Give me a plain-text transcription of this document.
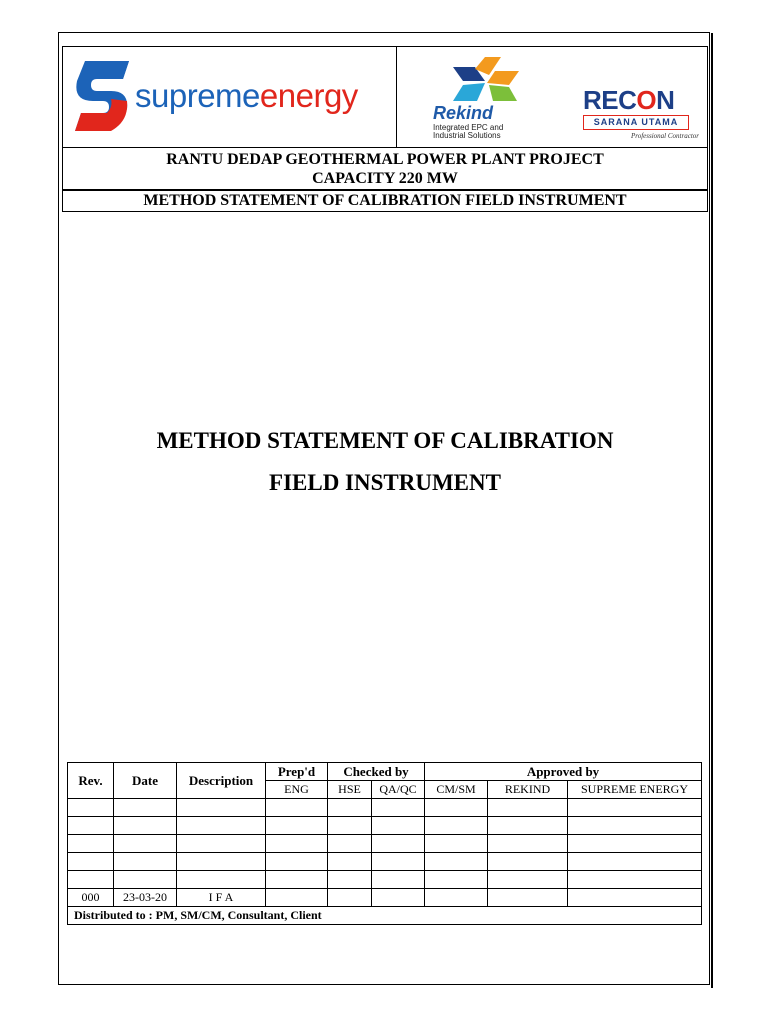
supremeenergy	Rekind
Integrated EPC and
Industrial Solutions
RECON
SARANA UTAMA
Professional Contractor
RANTU DEDAP GEOTHERMAL POWER PLANT PROJECT
CAPACITY 220 MW
METHOD STATEMENT OF CALIBRATION FIELD INSTRUMENT
METHOD STATEMENT OF CALIBRATION
FIELD INSTRUMENT
Rev.	Date	Description	Prep'd	Checked by		Approved by		
			ENG	HSE	QA/QC	CM/SM	REKIND	SUPREME ENERGY

000	23-03-20	I F A						
Distributed to : PM, SM/CM, Consultant, Client								
